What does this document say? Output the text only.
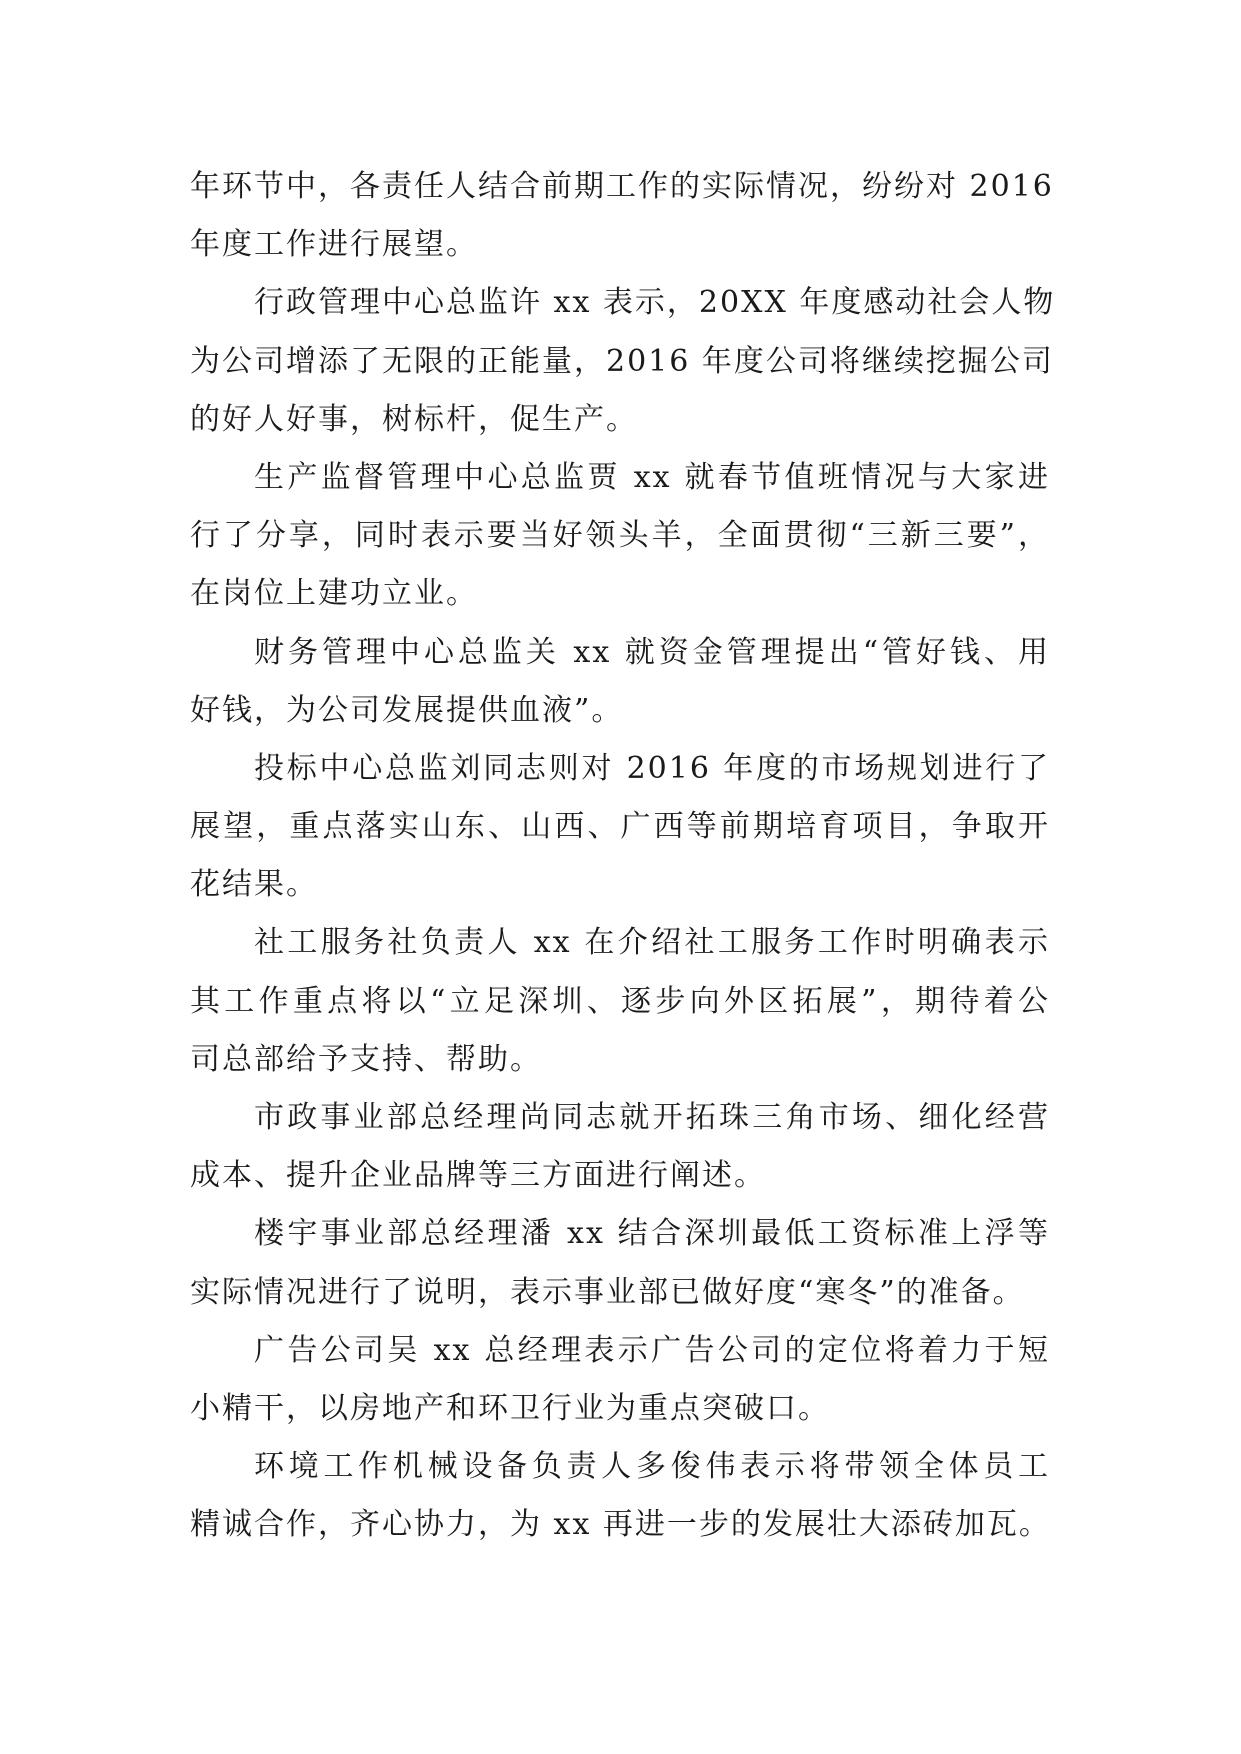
年环节中，各责任人结合前期工作的实际情况，纷纷对 2016
年度工作进行展望。
行政管理中心总监许 xx 表示，20XX 年度感动社会人物
为公司增添了无限的正能量，2016 年度公司将继续挖掘公司
的好人好事，树标杆，促生产。
生产监督管理中心总监贾 xx 就春节值班情况与大家进
行了分享，同时表示要当好领头羊，全面贯彻“三新三要”，
在岗位上建功立业。
财务管理中心总监关 xx 就资金管理提出“管好钱、用
好钱，为公司发展提供血液”。
投标中心总监刘同志则对 2016 年度的市场规划进行了
展望，重点落实山东、山西、广西等前期培育项目，争取开
花结果。
社工服务社负责人 xx 在介绍社工服务工作时明确表示
其工作重点将以“立足深圳、逐步向外区拓展”，期待着公
司总部给予支持、帮助。
市政事业部总经理尚同志就开拓珠三角市场、细化经营
成本、提升企业品牌等三方面进行阐述。
楼宇事业部总经理潘 xx 结合深圳最低工资标准上浮等
实际情况进行了说明，表示事业部已做好度“寒冬”的准备。
广告公司吴 xx 总经理表示广告公司的定位将着力于短
小精干，以房地产和环卫行业为重点突破口。
环境工作机械设备负责人多俊伟表示将带领全体员工
精诚合作，齐心协力，为 xx 再进一步的发展壮大添砖加瓦。
